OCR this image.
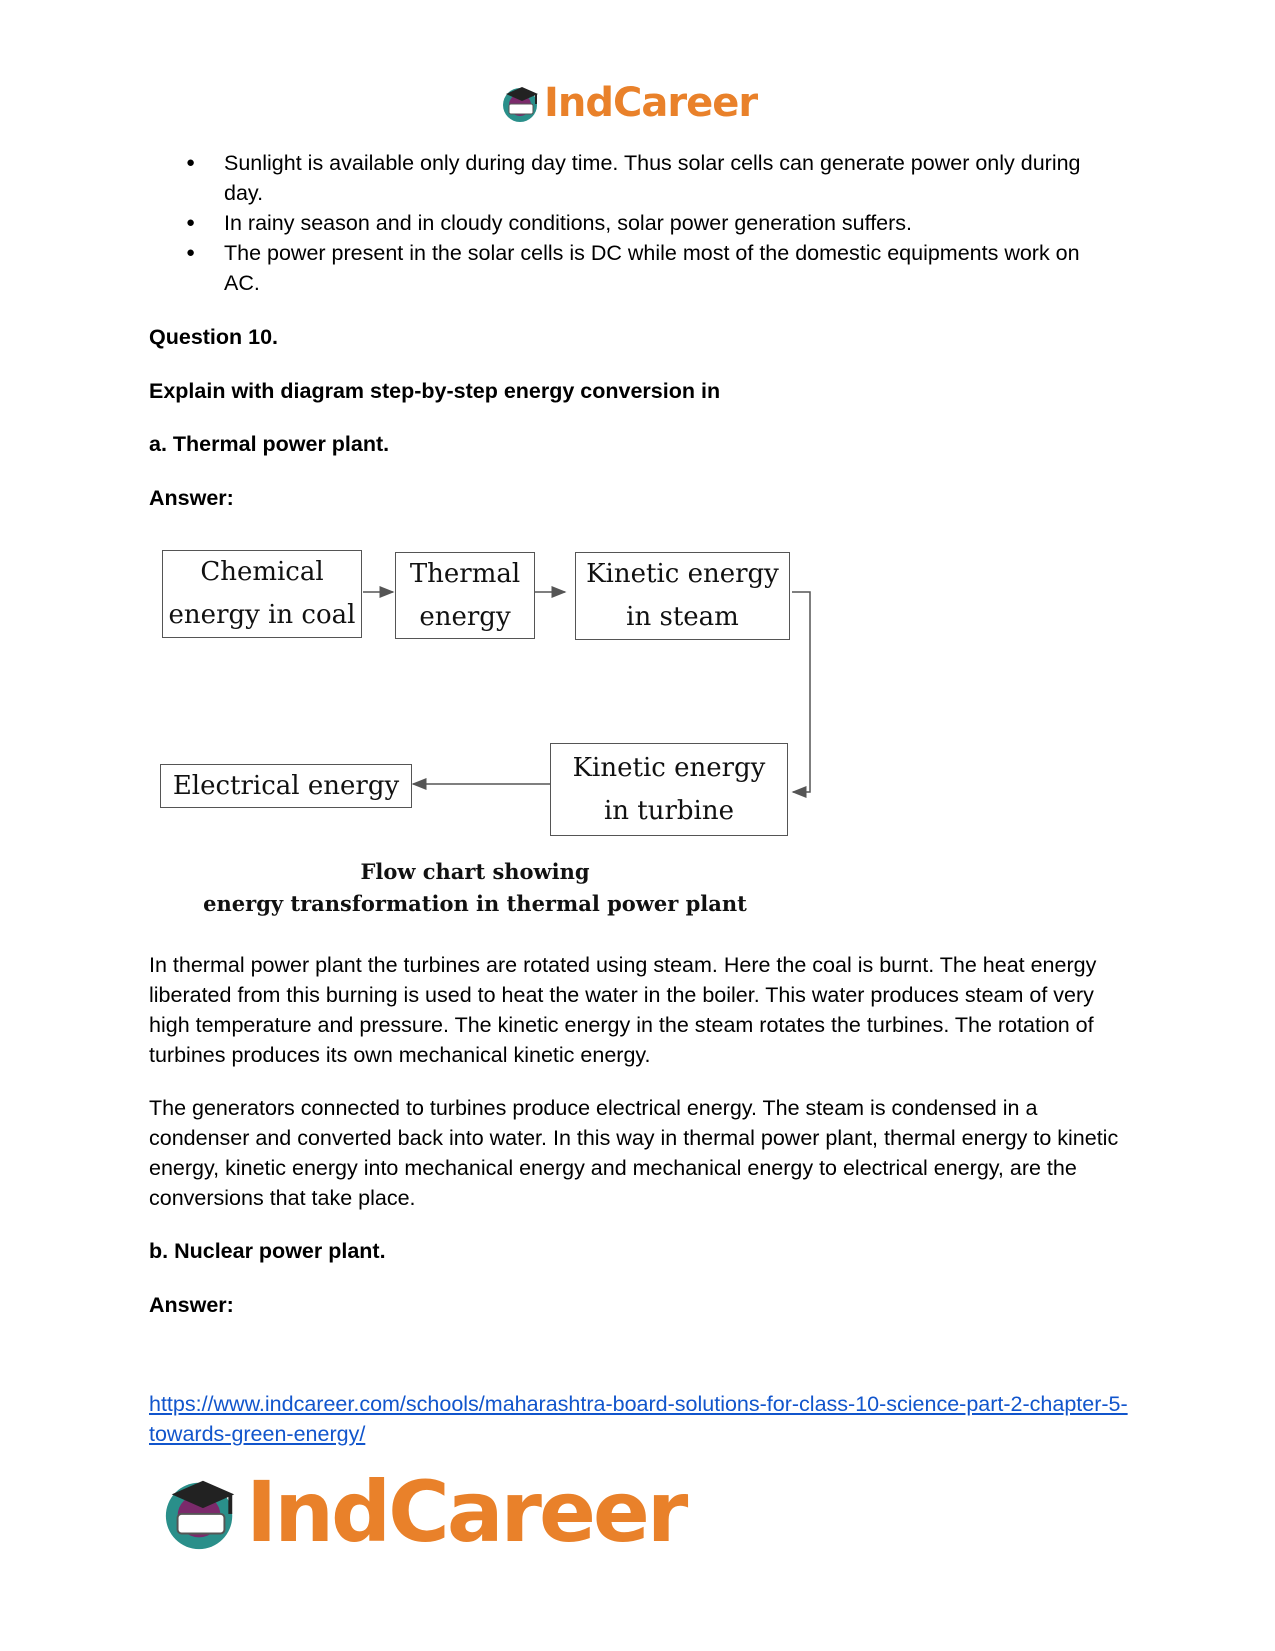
IndCareer
● Sunlight is available only during day time. Thus solar cells can generate power only during day.
● In rainy season and in cloudy conditions, solar power generation suffers.
● The power present in the solar cells is DC while most of the domestic equipments work on AC.

Question 10.

Explain with diagram step-by-step energy conversion in

a. Thermal power plant.

Answer:

Chemical
energy in coal
Thermal
energy
Kinetic energy
in steam
Kinetic energy
in turbine
Electrical energy
Flow chart showing
energy transformation in thermal power plant

In thermal power plant the turbines are rotated using steam. Here the coal is burnt. The heat energy liberated from this burning is used to heat the water in the boiler. This water produces steam of very high temperature and pressure. The kinetic energy in the steam rotates the turbines. The rotation of turbines produces its own mechanical kinetic energy.

The generators connected to turbines produce electrical energy. The steam is condensed in a condenser and converted back into water. In this way in thermal power plant, thermal energy to kinetic energy, kinetic energy into mechanical energy and mechanical energy to electrical energy, are the conversions that take place.

b. Nuclear power plant.

Answer:

https://www.indcareer.com/schools/maharashtra-board-solutions-for-class-10-science-part-2-chapter-5-towards-green-energy/

IndCareer
